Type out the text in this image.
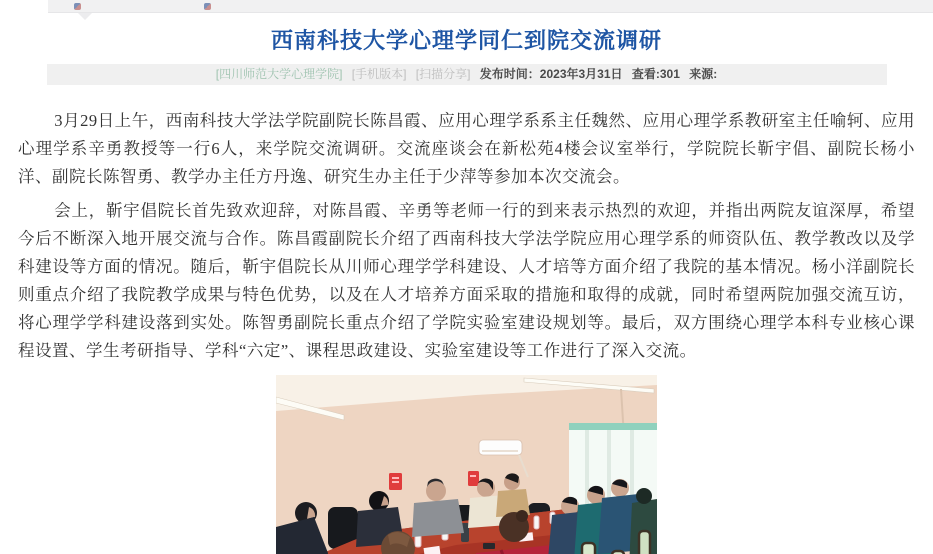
西南科技大学心理学同仁到院交流调研
[四川师范大学心理学院] [手机版本] [扫描分享] 发布时间：2023年3月31日 查看:301 来源:

3月29日上午，西南科技大学法学院副院长陈昌霞、应用心理学系系主任魏然、应用心理学系教研室主任喻轲、应用心理学系辛勇教授等一行6人，来学院交流调研。交流座谈会在新松苑4楼会议室举行，学院院长靳宇倡、副院长杨小洋、副院长陈智勇、教学办主任方丹逸、研究生办主任于少萍等参加本次交流会。

会上，靳宇倡院长首先致欢迎辞，对陈昌霞、辛勇等老师一行的到来表示热烈的欢迎，并指出两院友谊深厚，希望今后不断深入地开展交流与合作。陈昌霞副院长介绍了西南科技大学法学院应用心理学系的师资队伍、教学教改以及学科建设等方面的情况。随后，靳宇倡院长从川师心理学学科建设、人才培等方面介绍了我院的基本情况。杨小洋副院长则重点介绍了我院教学成果与特色优势，以及在人才培养方面采取的措施和取得的成就，同时希望两院加强交流互访，将心理学学科建设落到实处。陈智勇副院长重点介绍了学院实验室建设规划等。最后，双方围绕心理学本科专业核心课程设置、学生考研指导、学科“六定”、课程思政建设、实验室建设等工作进行了深入交流。
